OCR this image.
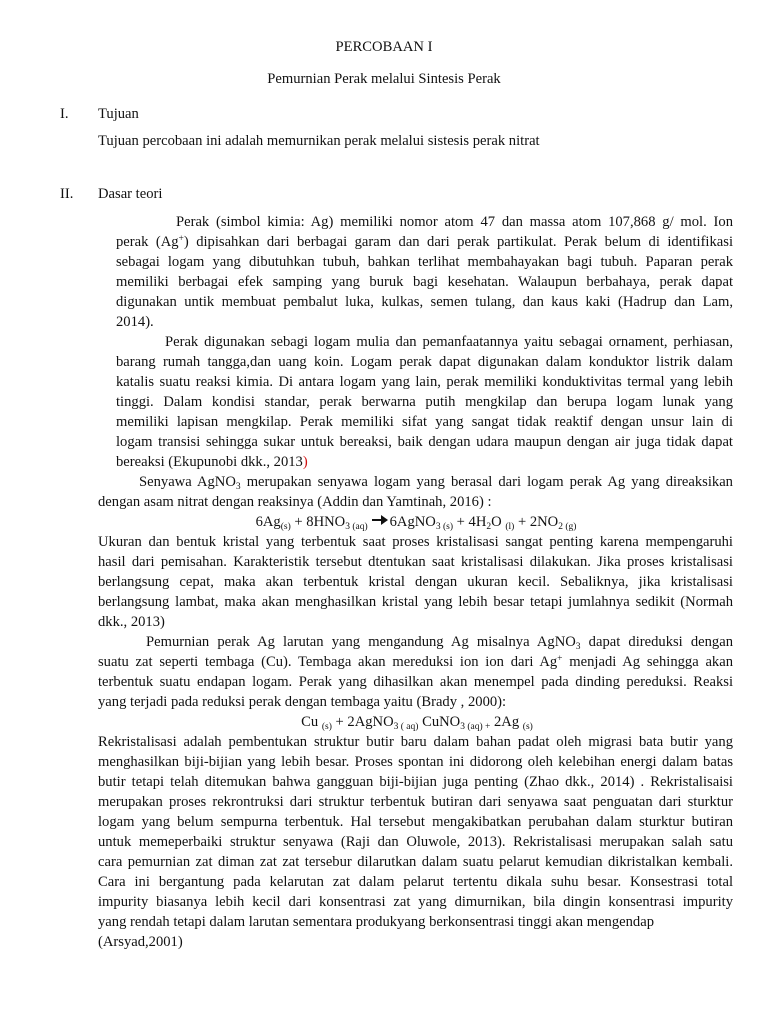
PERCOBAAN I
Pemurnian Perak melalui Sintesis Perak
I. Tujuan
Tujuan percobaan ini adalah memurnikan perak melalui sistesis perak nitrat
II. Dasar teori
Perak (simbol kimia: Ag) memiliki nomor atom 47 dan massa atom 107,868 g/ mol. Ion
perak (Ag+) dipisahkan dari berbagai garam dan dari perak partikulat. Perak belum di identifikasi
sebagai logam yang dibutuhkan tubuh, bahkan terlihat membahayakan bagi tubuh. Paparan perak
memiliki berbagai efek samping yang buruk bagi kesehatan. Walaupun berbahaya, perak dapat
digunakan untik membuat pembalut luka, kulkas, semen tulang, dan kaus kaki (Hadrup dan Lam,
2014).
Perak digunakan sebagi logam mulia dan pemanfaatannya yaitu sebagai ornament, perhiasan,
barang rumah tangga,dan uang koin. Logam perak dapat digunakan dalam konduktor listrik dalam
katalis suatu reaksi kimia. Di antara logam yang lain, perak memiliki konduktivitas termal yang lebih
tinggi. Dalam kondisi standar, perak berwarna putih mengkilap dan berupa logam lunak yang
memiliki lapisan mengkilap. Perak memiliki sifat yang sangat tidak reaktif dengan unsur lain di
logam transisi sehingga sukar untuk bereaksi, baik dengan udara maupun dengan air juga tidak dapat
bereaksi (Ekupunobi dkk., 2013)
Senyawa AgNO$_3$ merupakan senyawa logam yang berasal dari logam perak Ag yang direaksikan
dengan asam nitrat dengan reaksinya (Addin dan Yamtinah, 2016) :
$6Ag_{(s)} + 8HNO_{3 (aq)}$ 6AgNO$_{3 (s)}$ + $4H_2O$ $_{(l)} + 2NO_{2 (g)}$
Ukuran dan bentuk kristal yang terbentuk saat proses kristalisasi sangat penting karena mempengaruhi
hasil dari pemisahan. Karakteristik tersebut dtentukan saat kristalisasi dilakukan. Jika proses kristalisasi
berlangsung cepat, maka akan terbentuk kristal dengan ukuran kecil. Sebaliknya, jika kristalisasi
berlangsung lambat, maka akan menghasilkan kristal yang lebih besar tetapi jumlahnya sedikit (Normah
dkk., 2013)
Pemurnian perak Ag larutan yang mengandung Ag misalnya AgNO$_3$ dapat direduksi dengan
suatu zat seperti tembaga (Cu). Tembaga akan mereduksi ion ion dari Ag+ menjadi Ag sehingga akan
terbentuk suatu endapan logam. Perak yang dihasilkan akan menempel pada dinding pereduksi. Reaksi
yang terjadi pada reduksi perak dengan tembaga yaitu (Brady , 2000):
Cu $_{(s)}$ + 2AgNO$_{3 ( aq)}$ CuNO$_{3 (aq) +}$ 2Ag $_{(s)}$
Rekristalisasi adalah pembentukan struktur butir baru dalam bahan padat oleh migrasi bata butir yang
menghasilkan biji-bijian yang lebih besar. Proses spontan ini didorong oleh kelebihan energi dalam batas
butir tetapi telah ditemukan bahwa gangguan biji-bijian juga penting (Zhao dkk., 2014) . Rekristalisaisi
merupakan proses rekrontruksi dari struktur terbentuk butiran dari senyawa saat penguatan dari sturktur
logam yang belum sempurna terbentuk. Hal tersebut mengakibatkan perubahan dalam sturktur butiran
untuk memeperbaiki struktur senyawa (Raji dan Oluwole, 2013). Rekristalisasi merupakan salah satu
cara pemurnian zat diman zat zat tersebur dilarutkan dalam suatu pelarut kemudian dikristalkan kembali.
Cara ini bergantung pada kelarutan zat dalam pelarut tertentu dikala suhu besar. Konsestrasi total
impurity biasanya lebih kecil dari konsentrasi zat yang dimurnikan, bila dingin konsentrasi impurity
yang rendah tetapi dalam larutan sementara produkyang berkonsentrasi tinggi akan mengendap
(Arsyad,2001)
